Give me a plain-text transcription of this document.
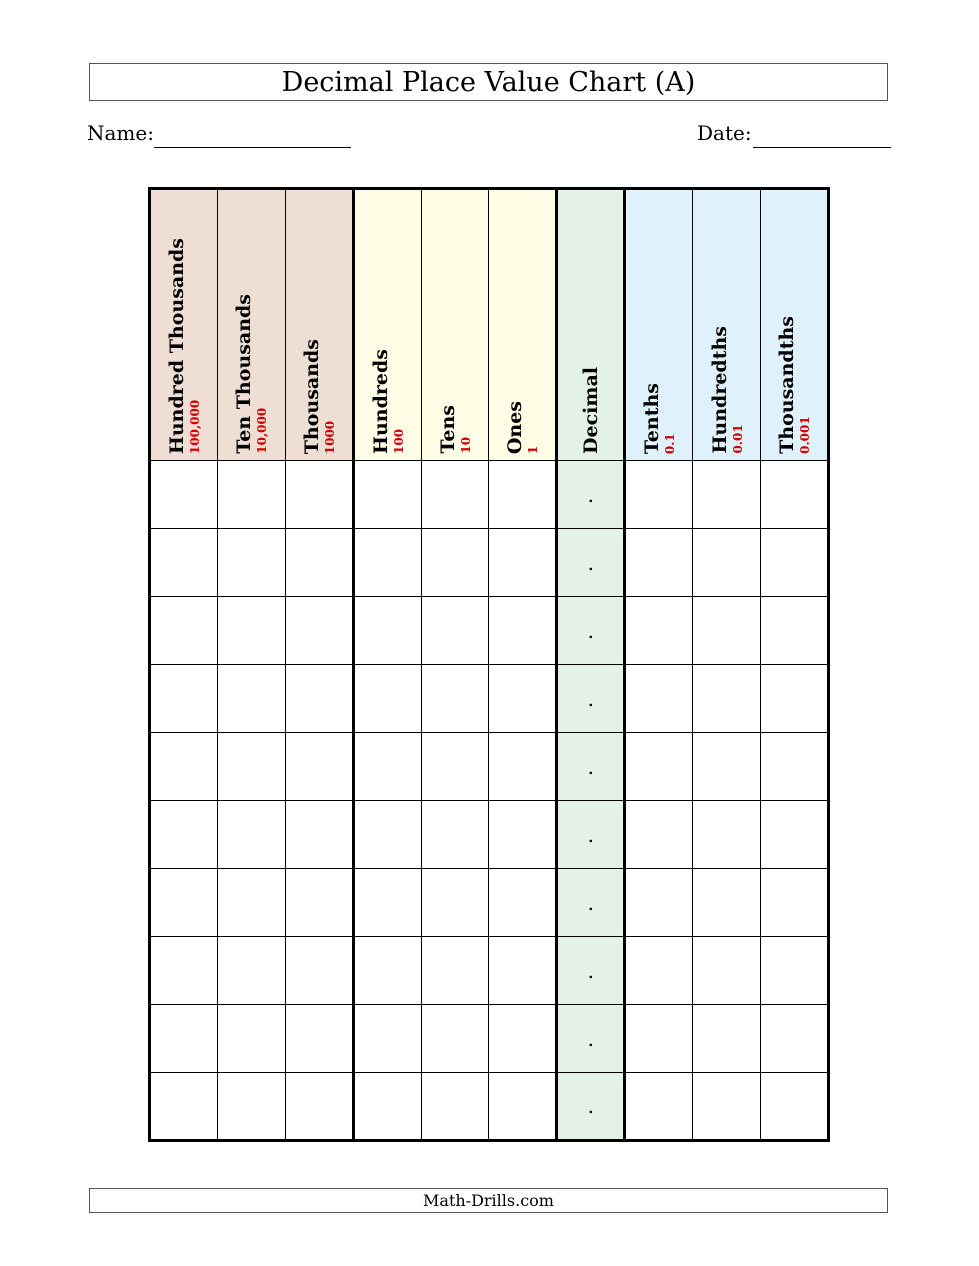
Decimal Place Value Chart (A)
Name:	Date:
Hundred Thousands 100,000	Ten Thousands 10,000	Thousands 1000	Hundreds 100	Tens 10	Ones 1	Decimal	Tenths 0.1	Hundredths 0.01	Thousandths 0.001

						.			
						.			
						.			
						.			
						.			
						.			
						.			
						.			
						.			
						.			
Math-Drills.com
